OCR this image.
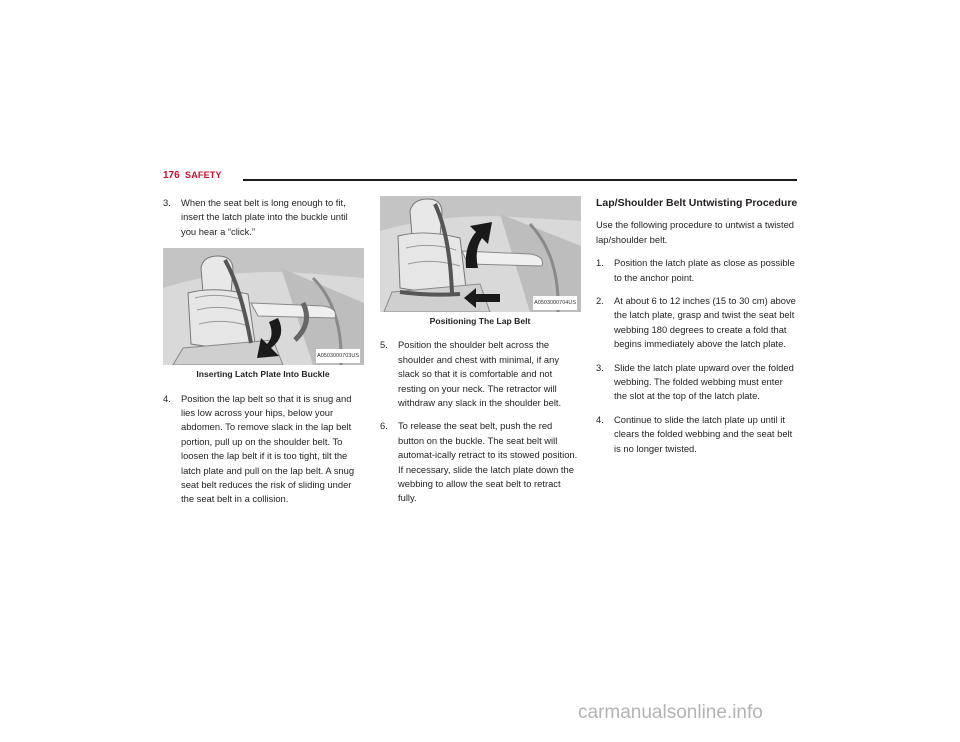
176 SAFETY
3. When the seat belt is long enough to fit, insert the latch plate into the buckle until you hear a “click.”
A0503000703US
Inserting Latch Plate Into Buckle
4. Position the lap belt so that it is snug and lies low across your hips, below your abdomen. To remove slack in the lap belt portion, pull up on the shoulder belt. To loosen the lap belt if it is too tight, tilt the latch plate and pull on the lap belt. A snug seat belt reduces the risk of sliding under the seat belt in a collision.
A0503000704US
Positioning The Lap Belt
5. Position the shoulder belt across the shoulder and chest with minimal, if any slack so that it is comfortable and not resting on your neck. The retractor will withdraw any slack in the shoulder belt.
6. To release the seat belt, push the red button on the buckle. The seat belt will automat-ically retract to its stowed position. If necessary, slide the latch plate down the webbing to allow the seat belt to retract fully.
Lap/Shoulder Belt Untwisting Procedure
Use the following procedure to untwist a twisted lap/shoulder belt.
1. Position the latch plate as close as possible to the anchor point.
2. At about 6 to 12 inches (15 to 30 cm) above the latch plate, grasp and twist the seat belt webbing 180 degrees to create a fold that begins immediately above the latch plate.
3. Slide the latch plate upward over the folded webbing. The folded webbing must enter the slot at the top of the latch plate.
4. Continue to slide the latch plate up until it clears the folded webbing and the seat belt is no longer twisted.
carmanualsonline.info
